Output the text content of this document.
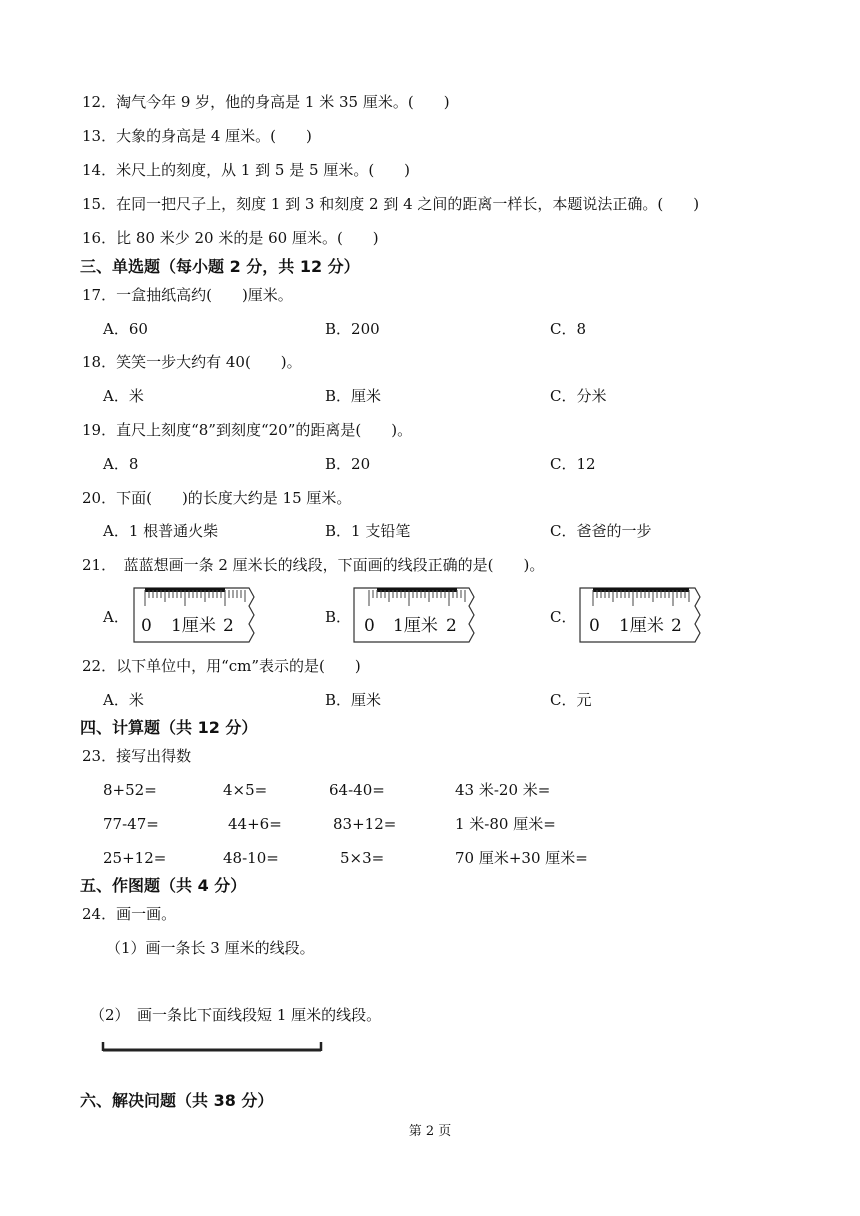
12．淘气今年 9 岁，他的身高是 1 米 35 厘米。(　　)
13．大象的身高是 4 厘米。(　　)
14．米尺上的刻度，从 1 到 5 是 5 厘米。(　　)
15．在同一把尺子上，刻度 1 到 3 和刻度 2 到 4 之间的距离一样长，本题说法正确。(　　)
16．比 80 米少 20 米的是 60 厘米。(　　)
三、单选题（每小题 2 分，共 12 分）
17．一盒抽纸高约(　　)厘米。
A．60	B．200	C．8
18．笑笑一步大约有 40(　　)。
A．米	B．厘米	C．分米
19．直尺上刻度“8”到刻度“20”的距离是(　　)。
A．8	B．20	C．12
20．下面(　　)的长度大约是 15 厘米。
A．1 根普通火柴	B．1 支铅笔	C．爸爸的一步
21．　蓝蓝想画一条 2 厘米长的线段，下面画的线段正确的是(　　)。
A．	B．	C．
0 1厘米 2	0 1厘米 2	0 1厘米 2
22．以下单位中，用“cm”表示的是(　　)
A．米	B．厘米	C．元
四、计算题（共 12 分）
23．接写出得数
8+52=	4×5=	64-40=	43 米-20 米=
77-47=	44+6=	83+12=	1 米-80 厘米=
25+12=	48-10=	5×3=	70 厘米+30 厘米=
五、作图题（共 4 分）
24．画一画。
（1）画一条长 3 厘米的线段。
（2）　画一条比下面线段短 1 厘米的线段。
六、解决问题（共 38 分）
第 2 页
